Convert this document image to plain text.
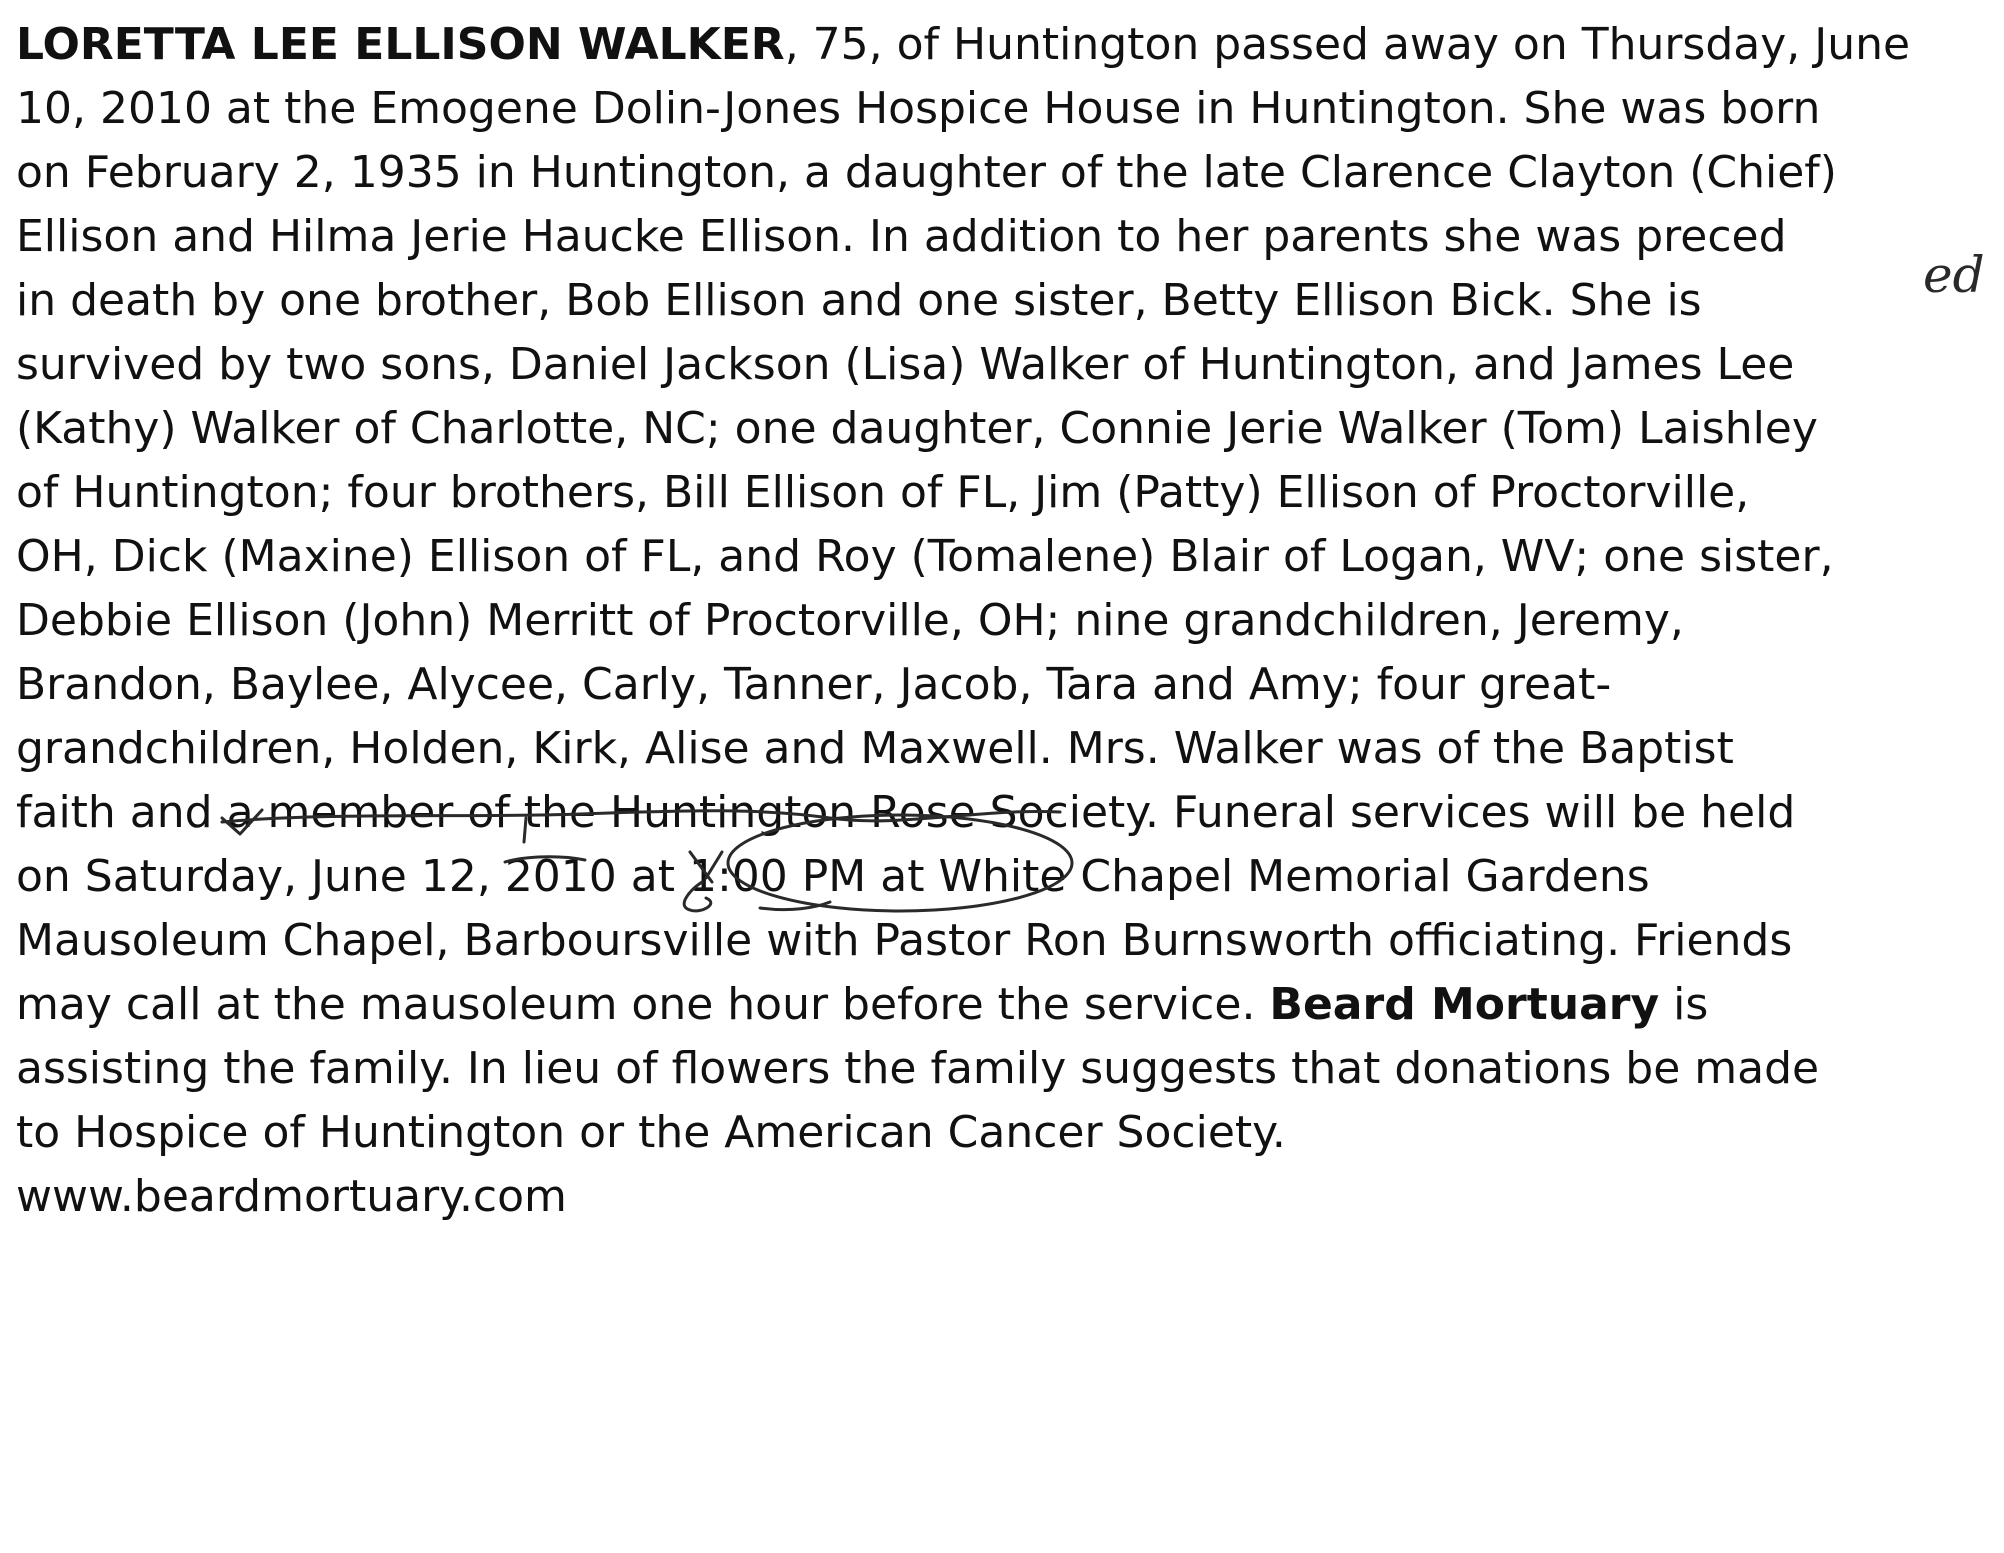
LORETTA LEE ELLISON WALKER, 75, of Huntington passed away on Thursday, June
10, 2010 at the Emogene Dolin-Jones Hospice House in Huntington. She was born
on February 2, 1935 in Huntington, a daughter of the late Clarence Clayton (Chief)
Ellison and Hilma Jerie Haucke Ellison. In addition to her parents she was preced
in death by one brother, Bob Ellison and one sister, Betty Ellison Bick. She is
survived by two sons, Daniel Jackson (Lisa) Walker of Huntington, and James Lee
(Kathy) Walker of Charlotte, NC; one daughter, Connie Jerie Walker (Tom) Laishley
of Huntington; four brothers, Bill Ellison of FL, Jim (Patty) Ellison of Proctorville,
OH, Dick (Maxine) Ellison of FL, and Roy (Tomalene) Blair of Logan, WV; one sister,
Debbie Ellison (John) Merritt of Proctorville, OH; nine grandchildren, Jeremy,
Brandon, Baylee, Alycee, Carly, Tanner, Jacob, Tara and Amy; four great-
grandchildren, Holden, Kirk, Alise and Maxwell. Mrs. Walker was of the Baptist
faith and a member of the Huntington Rose Society. Funeral services will be held
on Saturday, June 12, 2010 at 1:00 PM at White Chapel Memorial Gardens
Mausoleum Chapel, Barboursville with Pastor Ron Burnsworth officiating. Friends
may call at the mausoleum one hour before the service. Beard Mortuary is
assisting the family. In lieu of flowers the family suggests that donations be made
to Hospice of Huntington or the American Cancer Society.
www.beardmortuary.com
ed
